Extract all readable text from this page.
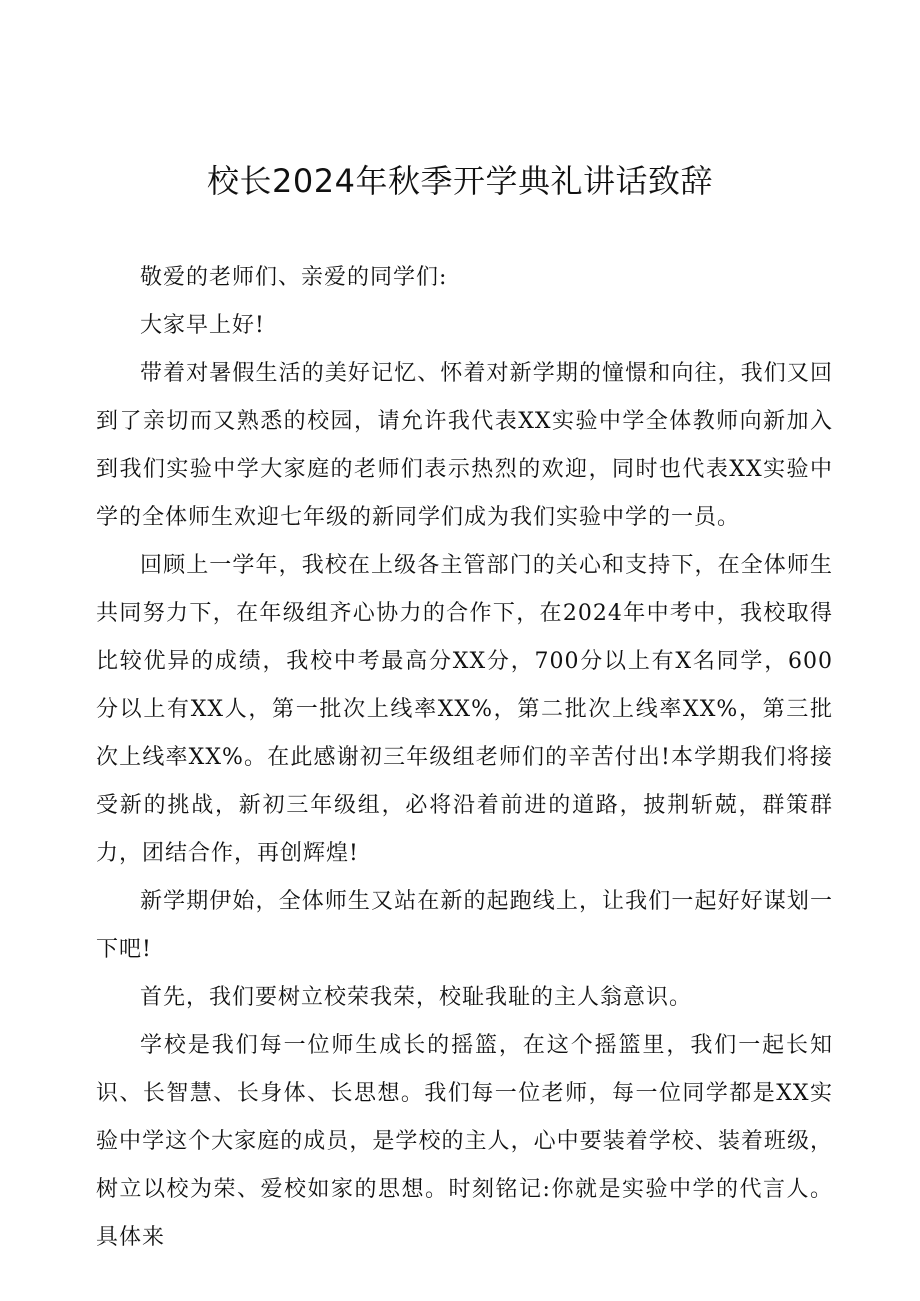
校长2024年秋季开学典礼讲话致辞

敬爱的老师们、亲爱的同学们:

大家早上好!

带着对暑假生活的美好记忆、怀着对新学期的憧憬和向往，我们又回到了亲切而又熟悉的校园，请允许我代表XX实验中学全体教师向新加入到我们实验中学大家庭的老师们表示热烈的欢迎，同时也代表XX实验中学的全体师生欢迎七年级的新同学们成为我们实验中学的一员。

回顾上一学年，我校在上级各主管部门的关心和支持下，在全体师生共同努力下，在年级组齐心协力的合作下，在2024年中考中，我校取得比较优异的成绩，我校中考最高分XX分，700分以上有X名同学，600分以上有XX人，第一批次上线率XX%，第二批次上线率XX%，第三批次上线率XX%。在此感谢初三年级组老师们的辛苦付出!本学期我们将接受新的挑战，新初三年级组，必将沿着前进的道路，披荆斩兢，群策群力，团结合作，再创辉煌!

新学期伊始，全体师生又站在新的起跑线上，让我们一起好好谋划一下吧!

首先，我们要树立校荣我荣，校耻我耻的主人翁意识。

学校是我们每一位师生成长的摇篮，在这个摇篮里，我们一起长知识、长智慧、长身体、长思想。我们每一位老师，每一位同学都是XX实验中学这个大家庭的成员，是学校的主人，心中要装着学校、装着班级，树立以校为荣、爱校如家的思想。时刻铭记:你就是实验中学的代言人。具体来
